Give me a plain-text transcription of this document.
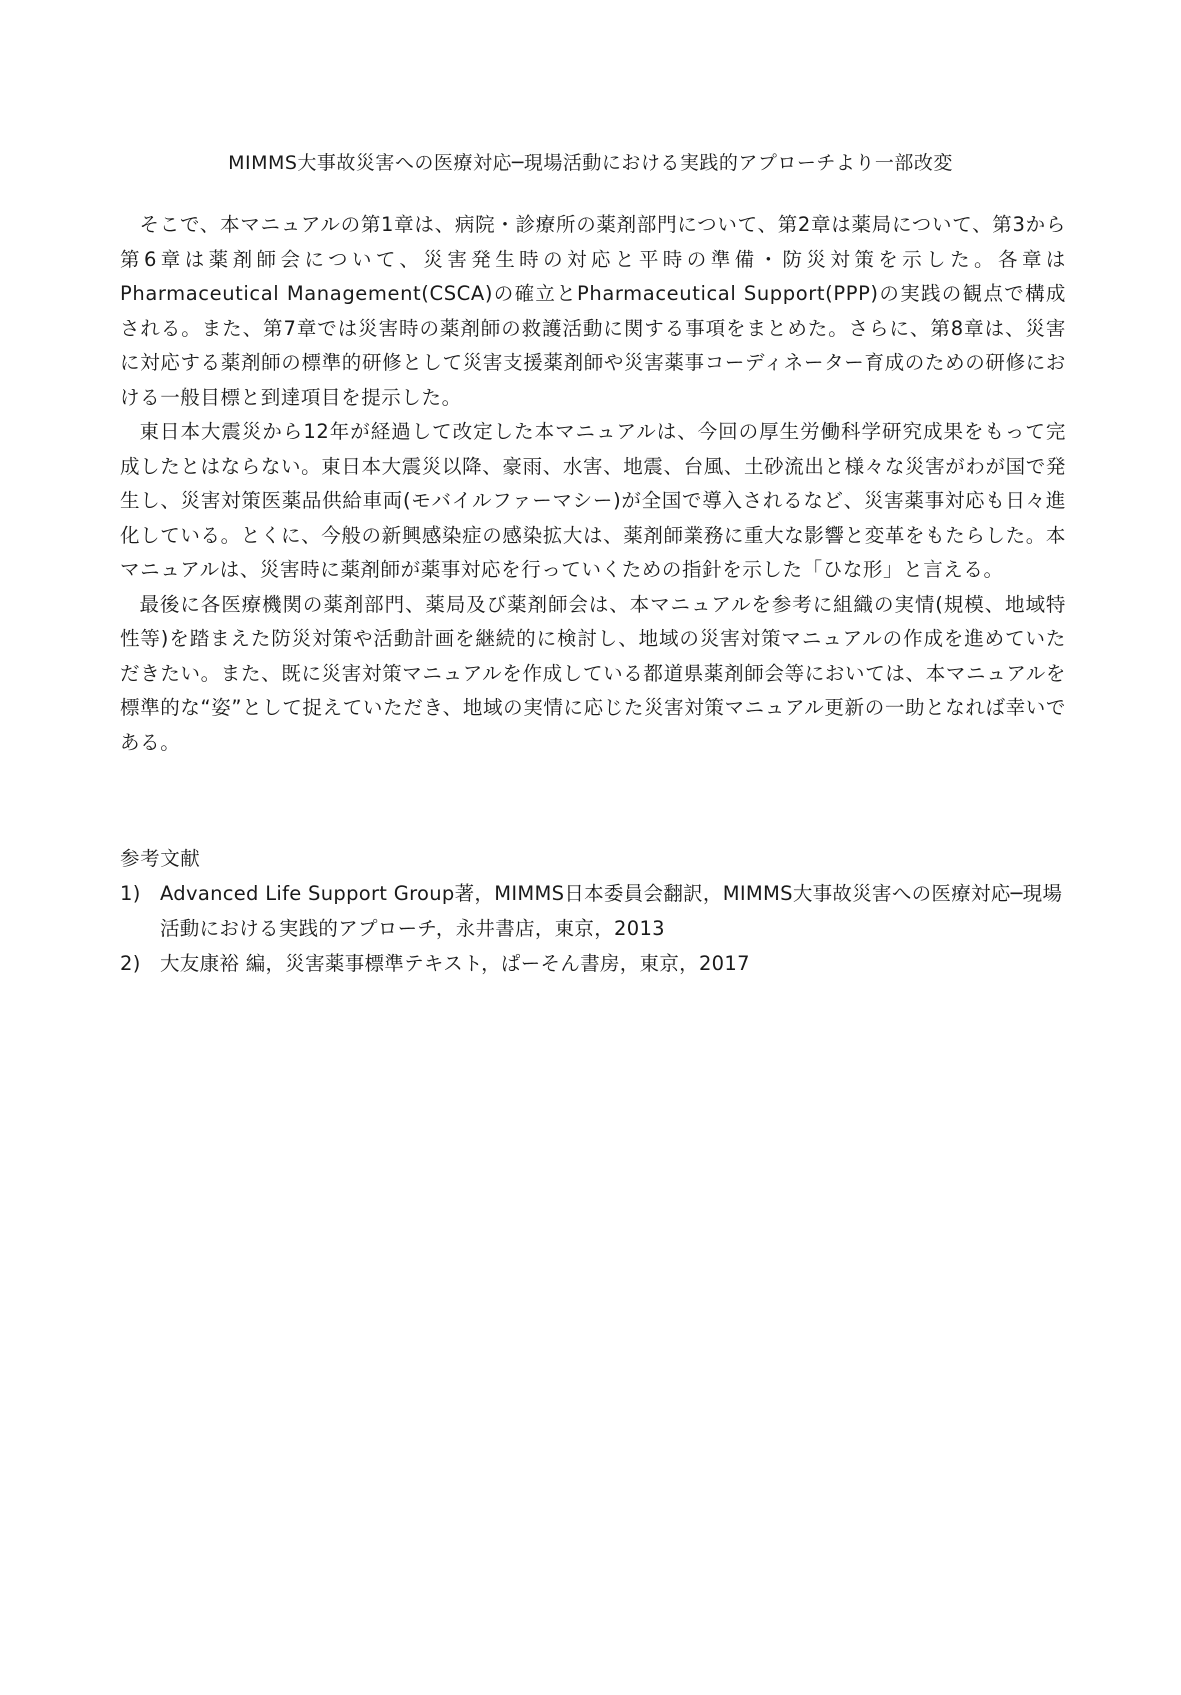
MIMMS大事故災害への医療対応─現場活動における実践的アプローチより一部改変

そこで、本マニュアルの第1章は、病院・診療所の薬剤部門について、第2章は薬局について、第3から第6章は薬剤師会について、災害発生時の対応と平時の準備・防災対策を示した。各章はPharmaceutical Management(CSCA)の確立とPharmaceutical Support(PPP)の実践の観点で構成される。また、第7章では災害時の薬剤師の救護活動に関する事項をまとめた。さらに、第8章は、災害に対応する薬剤師の標準的研修として災害支援薬剤師や災害薬事コーディネーター育成のための研修における一般目標と到達項目を提示した。

東日本大震災から12年が経過して改定した本マニュアルは、今回の厚生労働科学研究成果をもって完成したとはならない。東日本大震災以降、豪雨、水害、地震、台風、土砂流出と様々な災害がわが国で発生し、災害対策医薬品供給車両(モバイルファーマシー)が全国で導入されるなど、災害薬事対応も日々進化している。とくに、今般の新興感染症の感染拡大は、薬剤師業務に重大な影響と変革をもたらした。本マニュアルは、災害時に薬剤師が薬事対応を行っていくための指針を示した「ひな形」と言える。

最後に各医療機関の薬剤部門、薬局及び薬剤師会は、本マニュアルを参考に組織の実情(規模、地域特性等)を踏まえた防災対策や活動計画を継続的に検討し、地域の災害対策マニュアルの作成を進めていただきたい。また、既に災害対策マニュアルを作成している都道県薬剤師会等においては、本マニュアルを標準的な“姿”として捉えていただき、地域の実情に応じた災害対策マニュアル更新の一助となれば幸いである。

参考文献

1) Advanced Life Support Group著，MIMMS日本委員会翻訳，MIMMS大事故災害への医療対応─現場活動における実践的アプローチ，永井書店，東京，2013
2) 大友康裕 編，災害薬事標準テキスト，ぱーそん書房，東京，2017
